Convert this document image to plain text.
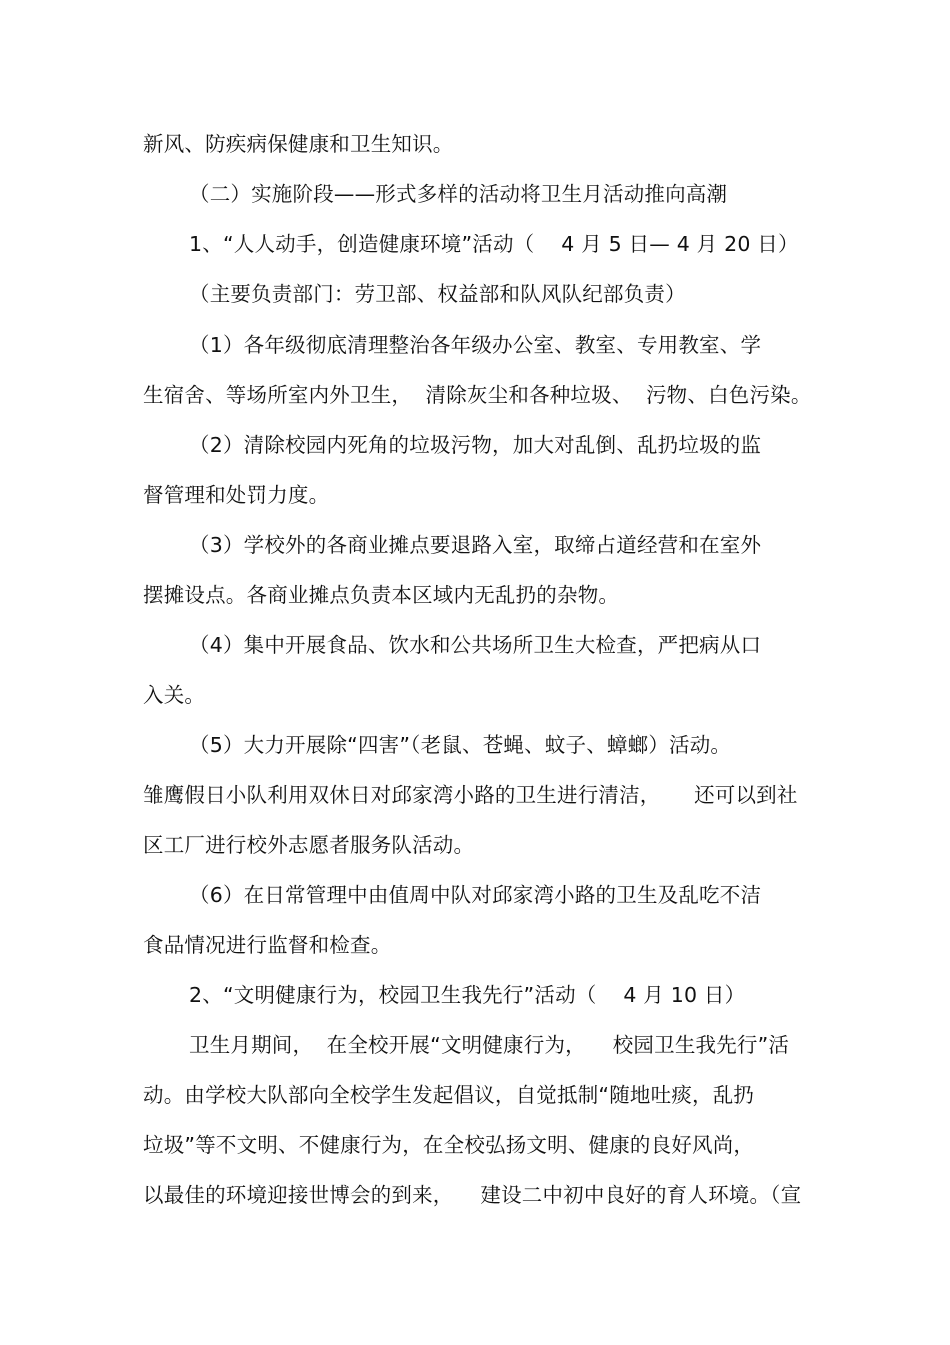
新风、防疾病保健康和卫生知识。
（二）实施阶段——形式多样的活动将卫生月活动推向高潮
1、“人人动手，创造健康环境”活动（    4 月 5 日— 4 月 20 日）
（主要负责部门：劳卫部、权益部和队风队纪部负责）
（1）各年级彻底清理整治各年级办公室、教室、专用教室、学
生宿舍、等场所室内外卫生，  清除灰尘和各种垃圾、  污物、白色污染。
（2）清除校园内死角的垃圾污物，加大对乱倒、乱扔垃圾的监
督管理和处罚力度。
（3）学校外的各商业摊点要退路入室，取缔占道经营和在室外
摆摊设点。各商业摊点负责本区域内无乱扔的杂物。
（4）集中开展食品、饮水和公共场所卫生大检查，严把病从口
入关。
（5）大力开展除“四害”（老鼠、苍蝇、蚊子、蟑螂）活动。
雏鹰假日小队利用双休日对邱家湾小路的卫生进行清洁，     还可以到社
区工厂进行校外志愿者服务队活动。
（6）在日常管理中由值周中队对邱家湾小路的卫生及乱吃不洁
食品情况进行监督和检查。
2、“文明健康行为，校园卫生我先行”活动（    4 月 10 日）
卫生月期间，  在全校开展“文明健康行为，    校园卫生我先行”活
动。由学校大队部向全校学生发起倡议，自觉抵制“随地吐痰，乱扔
垃圾”等不文明、不健康行为，在全校弘扬文明、健康的良好风尚，
以最佳的环境迎接世博会的到来，    建设二中初中良好的育人环境。（宣
